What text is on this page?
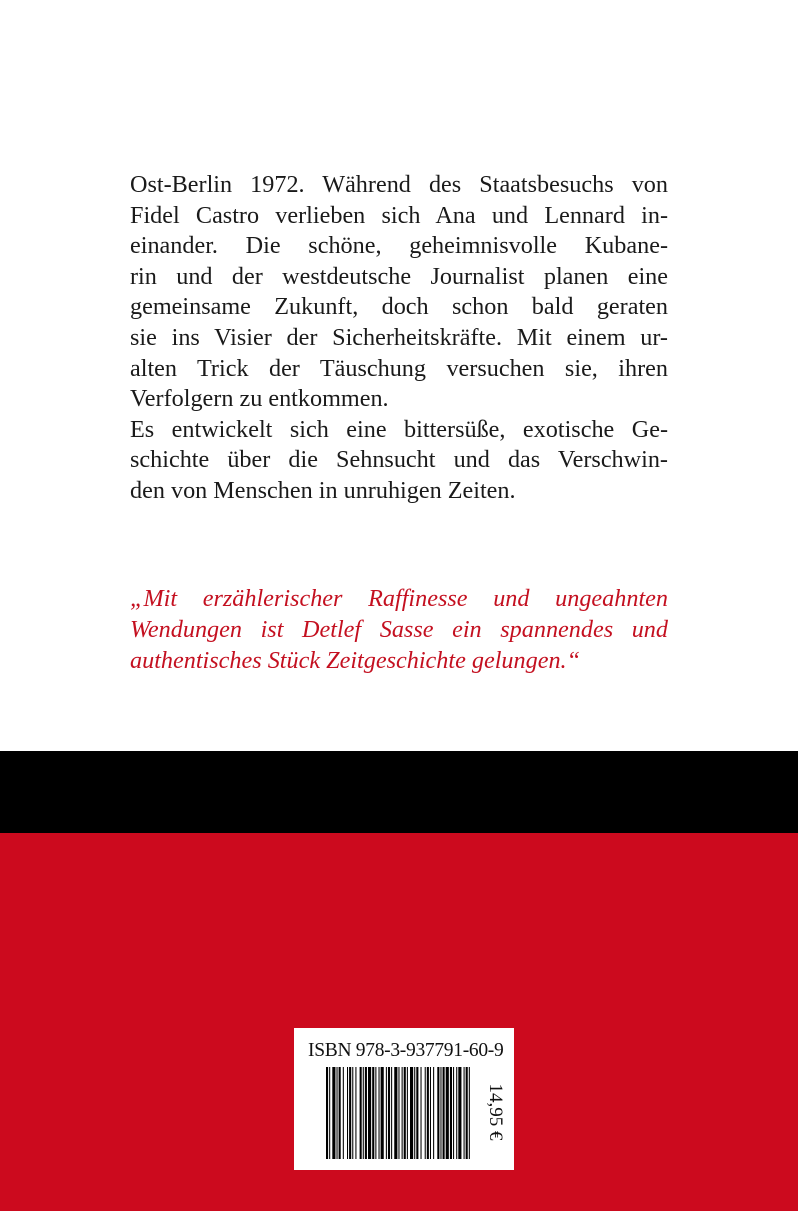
Ost-Berlin 1972. Während des Staatsbesuchs von
Fidel Castro verlieben sich Ana und Lennard in-
einander. Die schöne, geheimnisvolle Kubane-
rin und der westdeutsche Journalist planen eine
gemeinsame Zukunft, doch schon bald geraten
sie ins Visier der Sicherheitskräfte. Mit einem ur-
alten Trick der Täuschung versuchen sie, ihren
Verfolgern zu entkommen.
Es entwickelt sich eine bittersüße, exotische Ge-
schichte über die Sehnsucht und das Verschwin-
den von Menschen in unruhigen Zeiten.
„Mit erzählerischer Raffinesse und ungeahnten
Wendungen ist Detlef Sasse ein spannendes und
authentisches Stück Zeitgeschichte gelungen.“
ISBN 978-3-937791-60-9
14,95 €
